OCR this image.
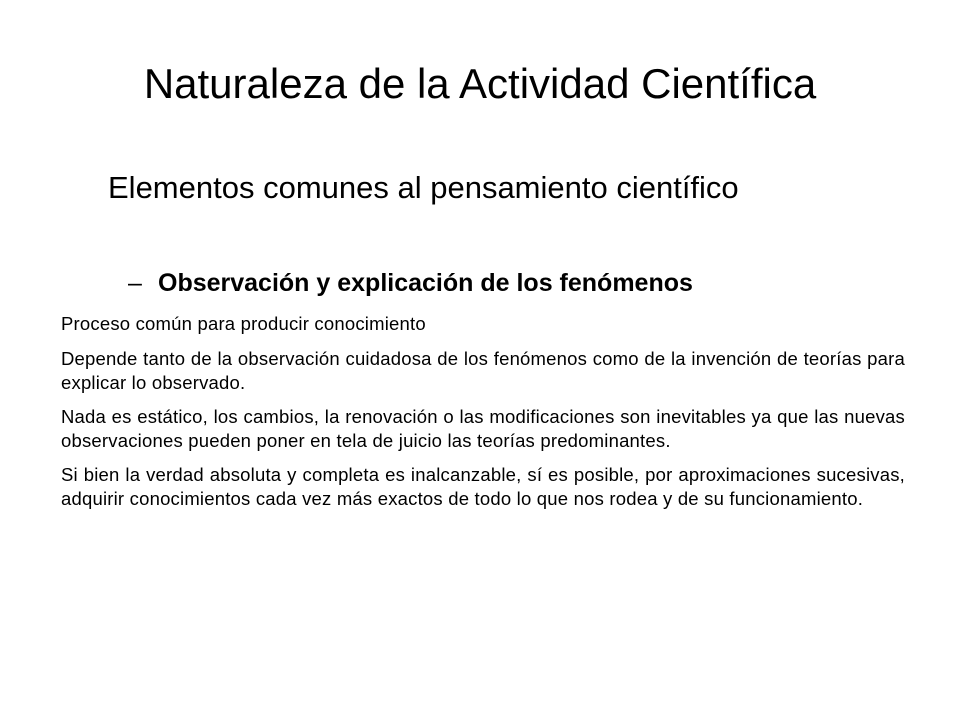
Naturaleza de la Actividad Científica
Elementos comunes al pensamiento científico
– Observación y explicación de los fenómenos

Proceso común para producir conocimiento

Depende tanto de la observación cuidadosa de los fenómenos como de la invención de teorías para explicar lo observado.

Nada es estático, los cambios, la renovación o las modificaciones son inevitables ya que las nuevas observaciones pueden poner en tela de juicio las teorías predominantes.

Si bien la verdad absoluta y completa es inalcanzable, sí es posible, por aproximaciones sucesivas, adquirir conocimientos cada vez más exactos de todo lo que nos rodea y de su funcionamiento.
